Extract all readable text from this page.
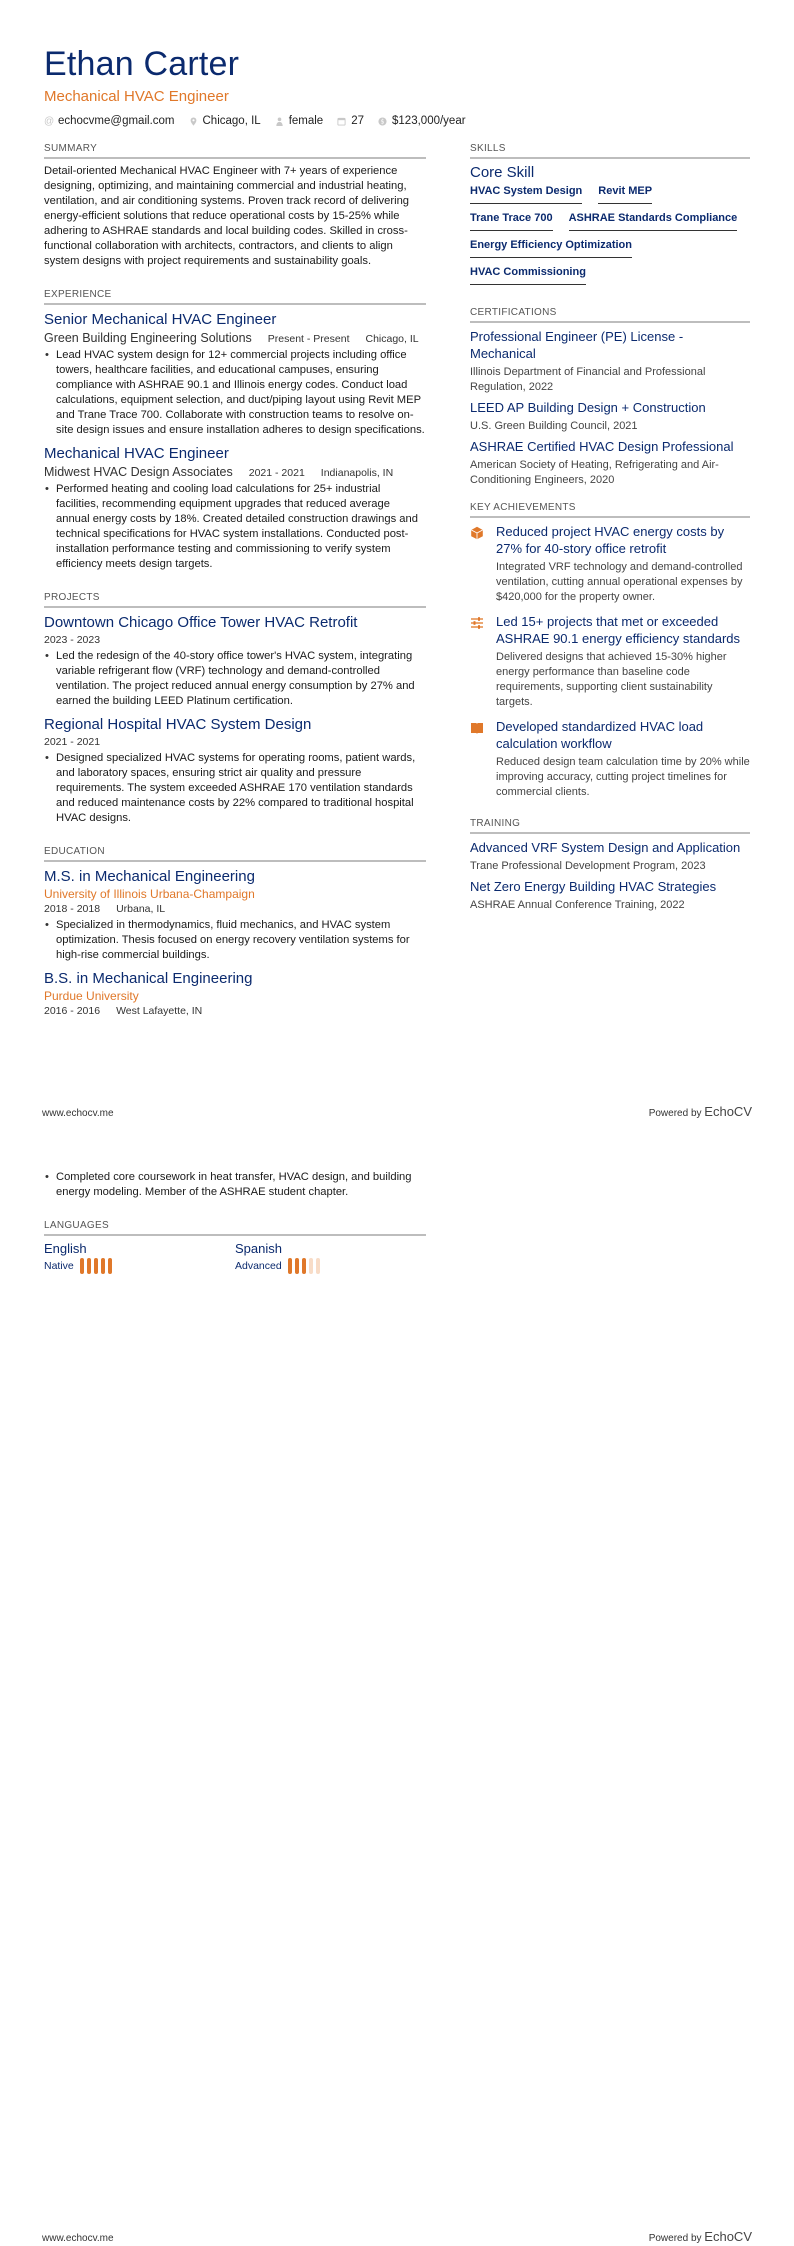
Ethan Carter
Mechanical HVAC Engineer
@ echocvme@gmail.com Chicago, IL female 27 $ $123,000/year
SUMMARY

Detail-oriented Mechanical HVAC Engineer with 7+ years of experience designing, optimizing, and maintaining commercial and industrial heating, ventilation, and air conditioning systems. Proven track record of delivering energy-efficient solutions that reduce operational costs by 15-25% while adhering to ASHRAE standards and local building codes. Skilled in cross-functional collaboration with architects, contractors, and clients to align system designs with project requirements and sustainability goals.

EXPERIENCE
Senior Mechanical HVAC Engineer
Green Building Engineering Solutions Present - Present Chicago, IL
• Lead HVAC system design for 12+ commercial projects including office towers, healthcare facilities, and educational campuses, ensuring compliance with ASHRAE 90.1 and Illinois energy codes. Conduct load calculations, equipment selection, and duct/piping layout using Revit MEP and Trane Trace 700. Collaborate with construction teams to resolve on-site design issues and ensure installation adheres to design specifications.
Mechanical HVAC Engineer
Midwest HVAC Design Associates 2021 - 2021 Indianapolis, IN
• Performed heating and cooling load calculations for 25+ industrial facilities, recommending equipment upgrades that reduced average annual energy costs by 18%. Created detailed construction drawings and technical specifications for HVAC system installations. Conducted post-installation performance testing and commissioning to verify system efficiency meets design targets.
PROJECTS
Downtown Chicago Office Tower HVAC Retrofit
2023 - 2023
• Led the redesign of the 40-story office tower's HVAC system, integrating variable refrigerant flow (VRF) technology and demand-controlled ventilation. The project reduced annual energy consumption by 27% and earned the building LEED Platinum certification.
Regional Hospital HVAC System Design
2021 - 2021
• Designed specialized HVAC systems for operating rooms, patient wards, and laboratory spaces, ensuring strict air quality and pressure requirements. The system exceeded ASHRAE 170 ventilation standards and reduced maintenance costs by 22% compared to traditional hospital HVAC designs.
EDUCATION
M.S. in Mechanical Engineering
University of Illinois Urbana-Champaign
2018 - 2018 Urbana, IL
• Specialized in thermodynamics, fluid mechanics, and HVAC system optimization. Thesis focused on energy recovery ventilation systems for high-rise commercial buildings.
B.S. in Mechanical Engineering
Purdue University
2016 - 2016 West Lafayette, IN
SKILLS
Core Skill
HVAC System Design Revit MEP
Trane Trace 700 ASHRAE Standards Compliance
Energy Efficiency Optimization
HVAC Commissioning
CERTIFICATIONS
Professional Engineer (PE) License - Mechanical
Illinois Department of Financial and Professional Regulation, 2022
LEED AP Building Design + Construction
U.S. Green Building Council, 2021
ASHRAE Certified HVAC Design Professional
American Society of Heating, Refrigerating and Air-Conditioning Engineers, 2020
KEY ACHIEVEMENTS
Reduced project HVAC energy costs by 27% for 40-story office retrofit
Integrated VRF technology and demand-controlled ventilation, cutting annual operational expenses by $420,000 for the property owner.
Led 15+ projects that met or exceeded ASHRAE 90.1 energy efficiency standards
Delivered designs that achieved 15-30% higher energy performance than baseline code requirements, supporting client sustainability targets.
Developed standardized HVAC load calculation workflow
Reduced design team calculation time by 20% while improving accuracy, cutting project timelines for commercial clients.
TRAINING
Advanced VRF System Design and Application
Trane Professional Development Program, 2023
Net Zero Energy Building HVAC Strategies
ASHRAE Annual Conference Training, 2022
www.echocv.me	Powered by EchoCV
• Completed core coursework in heat transfer, HVAC design, and building energy modeling. Member of the ASHRAE student chapter.
LANGUAGES
English
Native
Spanish
Advanced
www.echocv.me	Powered by EchoCV
